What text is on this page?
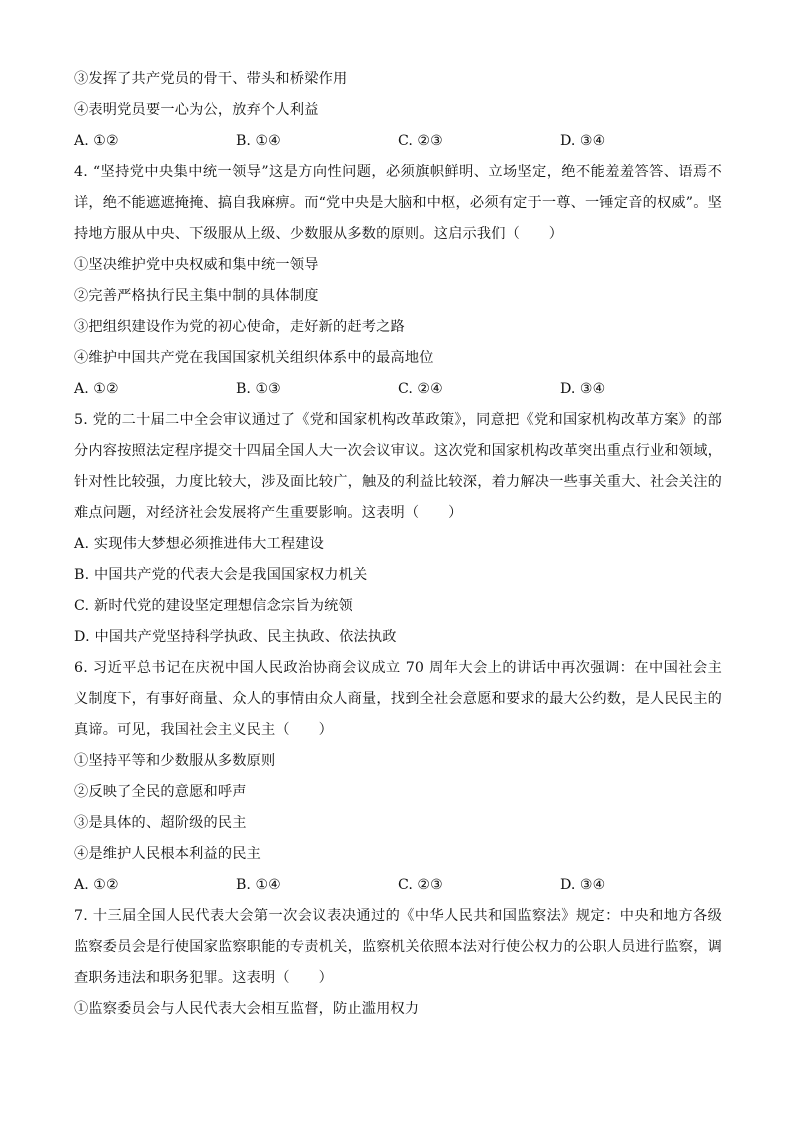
③发挥了共产党员的骨干、带头和桥梁作用
④表明党员要一心为公，放弃个人利益
A. ①②	B. ①④	C. ②③	D. ③④
4. “坚持党中央集中统一领导”这是方向性问题，必须旗帜鲜明、立场坚定，绝不能羞羞答答、语焉不详，绝不能遮遮掩掩、搞自我麻痹。而“党中央是大脑和中枢，必须有定于一尊、一锤定音的权威”。坚持地方服从中央、下级服从上级、少数服从多数的原则。这启示我们（　　）
①坚决维护党中央权威和集中统一领导
②完善严格执行民主集中制的具体制度
③把组织建设作为党的初心使命，走好新的赶考之路
④维护中国共产党在我国国家机关组织体系中的最高地位
A. ①②	B. ①③	C. ②④	D. ③④
5. 党的二十届二中全会审议通过了《党和国家机构改革政策》，同意把《党和国家机构改革方案》的部分内容按照法定程序提交十四届全国人大一次会议审议。这次党和国家机构改革突出重点行业和领域，针对性比较强，力度比较大，涉及面比较广，触及的利益比较深，着力解决一些事关重大、社会关注的难点问题，对经济社会发展将产生重要影响。这表明（　　）
A. 实现伟大梦想必须推进伟大工程建设
B. 中国共产党的代表大会是我国国家权力机关
C. 新时代党的建设坚定理想信念宗旨为统领
D. 中国共产党坚持科学执政、民主执政、依法执政
6. 习近平总书记在庆祝中国人民政治协商会议成立 70 周年大会上的讲话中再次强调：在中国社会主义制度下，有事好商量、众人的事情由众人商量，找到全社会意愿和要求的最大公约数，是人民民主的真谛。可见，我国社会主义民主（　　）
①坚持平等和少数服从多数原则
②反映了全民的意愿和呼声
③是具体的、超阶级的民主
④是维护人民根本利益的民主
A. ①②	B. ①④	C. ②③	D. ③④
7. 十三届全国人民代表大会第一次会议表决通过的《中华人民共和国监察法》规定：中央和地方各级监察委员会是行使国家监察职能的专责机关，监察机关依照本法对行使公权力的公职人员进行监察，调查职务违法和职务犯罪。这表明（　　）
①监察委员会与人民代表大会相互监督，防止滥用权力
